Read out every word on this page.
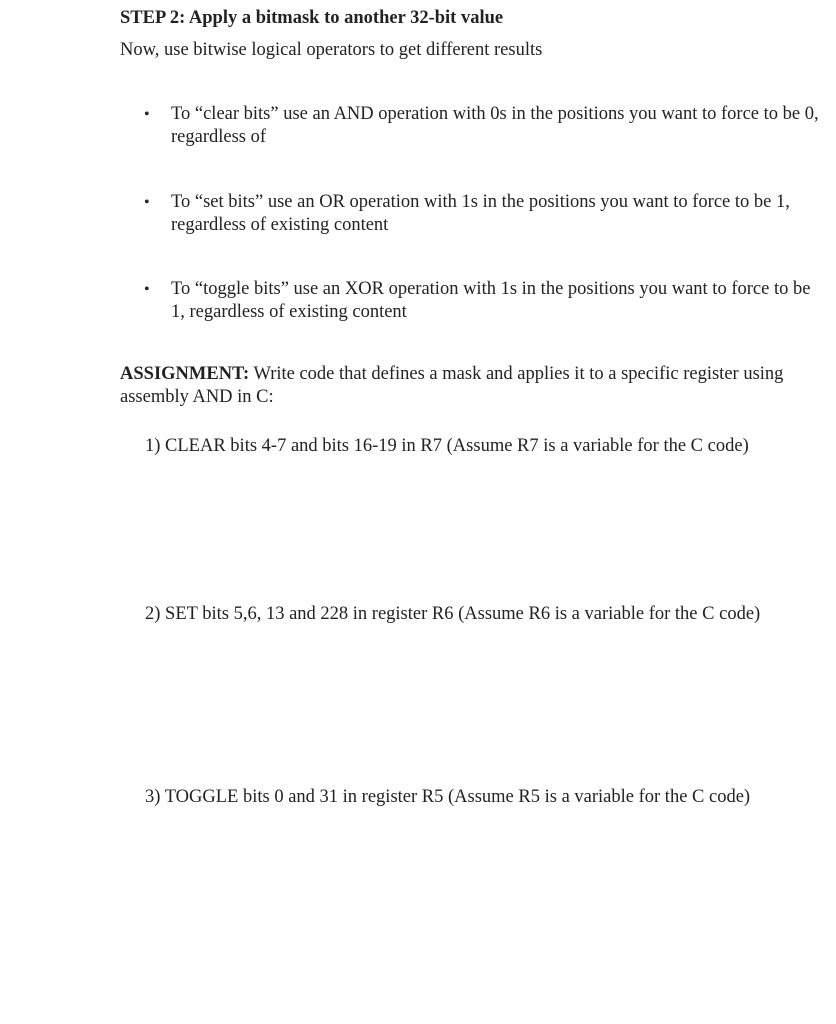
STEP 2: Apply a bitmask to another 32-bit value
Now, use bitwise logical operators to get different results
• To “clear bits” use an AND operation with 0s in the positions you want to force to be 0, regardless of
• To “set bits” use an OR operation with 1s in the positions you want to force to be 1, regardless of existing content
• To “toggle bits” use an XOR operation with 1s in the positions you want to force to be 1, regardless of existing content
ASSIGNMENT: Write code that defines a mask and applies it to a specific register using assembly AND in C:
1) CLEAR bits 4-7 and bits 16-19 in R7 (Assume R7 is a variable for the C code)
2) SET bits 5,6, 13 and 228 in register R6 (Assume R6 is a variable for the C code)
3) TOGGLE bits 0 and 31 in register R5 (Assume R5 is a variable for the C code)
